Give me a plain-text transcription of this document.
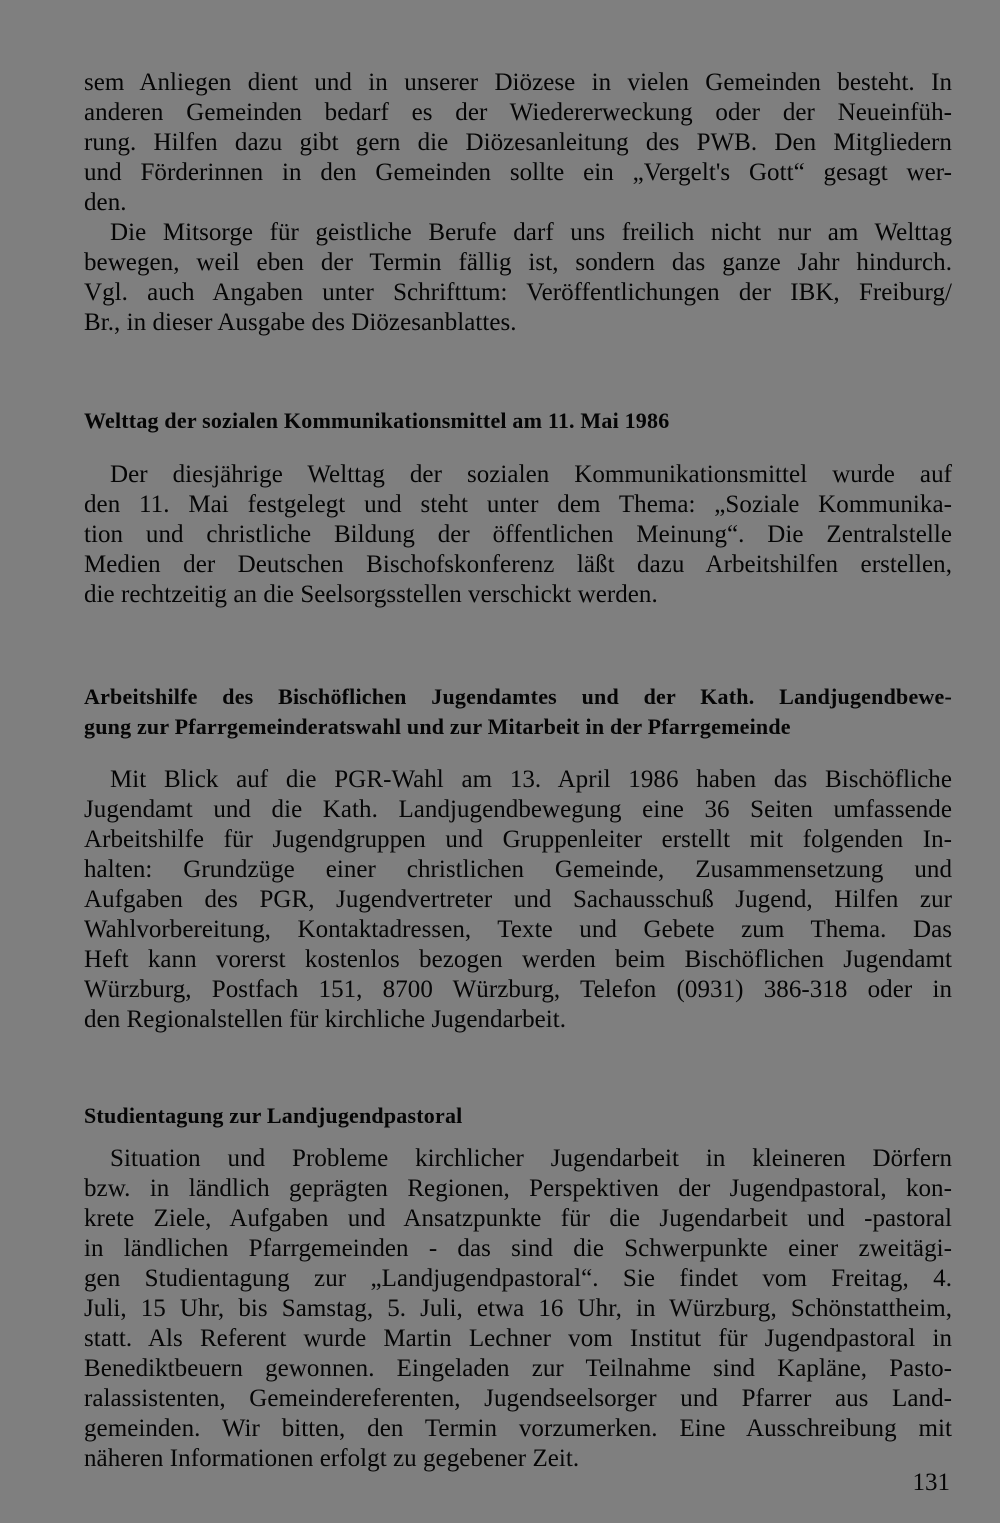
sem Anliegen dient und in unserer Diözese in vielen Gemeinden besteht. In
anderen Gemeinden bedarf es der Wiedererweckung oder der Neueinfüh-
rung. Hilfen dazu gibt gern die Diözesanleitung des PWB. Den Mitgliedern
und Förderinnen in den Gemeinden sollte ein „Vergelt's Gott“ gesagt wer-
den.
Die Mitsorge für geistliche Berufe darf uns freilich nicht nur am Welttag
bewegen, weil eben der Termin fällig ist, sondern das ganze Jahr hindurch.
Vgl. auch Angaben unter Schrifttum: Veröffentlichungen der IBK, Freiburg/
Br., in dieser Ausgabe des Diözesanblattes.
Welttag der sozialen Kommunikationsmittel am 11. Mai 1986
Der diesjährige Welttag der sozialen Kommunikationsmittel wurde auf
den 11. Mai festgelegt und steht unter dem Thema: „Soziale Kommunika-
tion und christliche Bildung der öffentlichen Meinung“. Die Zentralstelle
Medien der Deutschen Bischofskonferenz läßt dazu Arbeitshilfen erstellen,
die rechtzeitig an die Seelsorgsstellen verschickt werden.
Arbeitshilfe des Bischöflichen Jugendamtes und der Kath. Landjugendbewe-
gung zur Pfarrgemeinderatswahl und zur Mitarbeit in der Pfarrgemeinde
Mit Blick auf die PGR-Wahl am 13. April 1986 haben das Bischöfliche
Jugendamt und die Kath. Landjugendbewegung eine 36 Seiten umfassende
Arbeitshilfe für Jugendgruppen und Gruppenleiter erstellt mit folgenden In-
halten: Grundzüge einer christlichen Gemeinde, Zusammensetzung und
Aufgaben des PGR, Jugendvertreter und Sachausschuß Jugend, Hilfen zur
Wahlvorbereitung, Kontaktadressen, Texte und Gebete zum Thema. Das
Heft kann vorerst kostenlos bezogen werden beim Bischöflichen Jugendamt
Würzburg, Postfach 151, 8700 Würzburg, Telefon (0931) 386-318 oder in
den Regionalstellen für kirchliche Jugendarbeit.
Studientagung zur Landjugendpastoral
Situation und Probleme kirchlicher Jugendarbeit in kleineren Dörfern
bzw. in ländlich geprägten Regionen, Perspektiven der Jugendpastoral, kon-
krete Ziele, Aufgaben und Ansatzpunkte für die Jugendarbeit und -pastoral
in ländlichen Pfarrgemeinden - das sind die Schwerpunkte einer zweitägi-
gen Studientagung zur „Landjugendpastoral“. Sie findet vom Freitag, 4.
Juli, 15 Uhr, bis Samstag, 5. Juli, etwa 16 Uhr, in Würzburg, Schönstattheim,
statt. Als Referent wurde Martin Lechner vom Institut für Jugendpastoral in
Benediktbeuern gewonnen. Eingeladen zur Teilnahme sind Kapläne, Pasto-
ralassistenten, Gemeindereferenten, Jugendseelsorger und Pfarrer aus Land-
gemeinden. Wir bitten, den Termin vorzumerken. Eine Ausschreibung mit
näheren Informationen erfolgt zu gegebener Zeit.
131
